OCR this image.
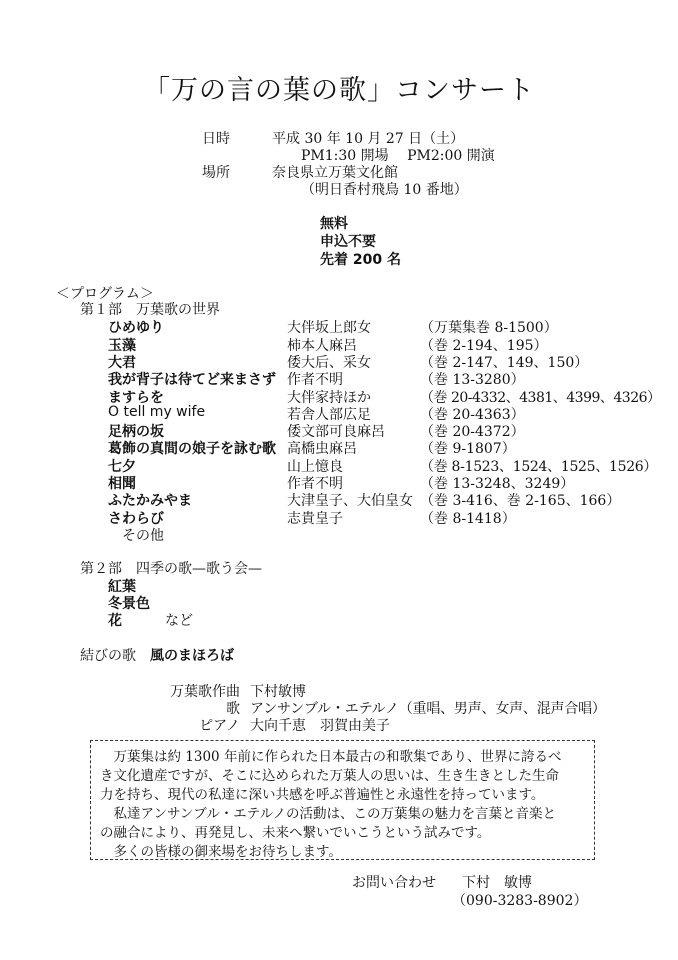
「万の言の葉の歌」コンサート
日時	平成 30 年 10 月 27 日（土）
PM1:30 開場　 PM2:00 開演
場所	奈良県立万葉文化館
（明日香村飛鳥 10 番地）
無料
申込不要
先着 200 名
＜プログラム＞
第１部　万葉歌の世界
ひめゆり	大伴坂上郎女	（万葉集巻 8-1500）
玉藻	柿本人麻呂	（巻 2-194、195）
大君	倭大后、采女	（巻 2-147、149、150）
我が背子は待てど来まさず 作者不明	（巻 13-3280）
ますらを	大伴家持ほか	（巻 20-4332、4381、4399、4326）
O tell my wife	若舎人部広足	（巻 20-4363）
足柄の坂	倭文部可良麻呂	（巻 20-4372）
葛飾の真間の娘子を詠む歌 高橋虫麻呂	（巻 9-1807）
七夕	山上憶良	（巻 8-1523、1524、1525、1526）
相聞	作者不明	（巻 13-3248、3249）
ふたかみやま	大津皇子、大伯皇女 （巻 3-416、巻 2-165、166）
さわらび	志貴皇子	（巻 8-1418）
その他
第２部　四季の歌—歌う会—
紅葉
冬景色
花	など
結びの歌 風のまほろば
万葉歌作曲 下村敏博
歌 アンサンブル・エテルノ（重唱、男声、女声、混声合唱）
ピアノ 大向千恵　羽賀由美子
　万葉集は約 1300 年前に作られた日本最古の和歌集であり、世界に誇るべ
き文化遺産ですが、そこに込められた万葉人の思いは、生き生きとした生命
力を持ち、現代の私達に深い共感を呼ぶ普遍性と永遠性を持っています。
　私達アンサンブル・エテルノの活動は、この万葉集の魅力を言葉と音楽と
の融合により、再発見し、未来へ繋いでいこうという試みです。
　多くの皆様の御来場をお待ちします。
お問い合わせ 下村　敏博
（090-3283-8902）
